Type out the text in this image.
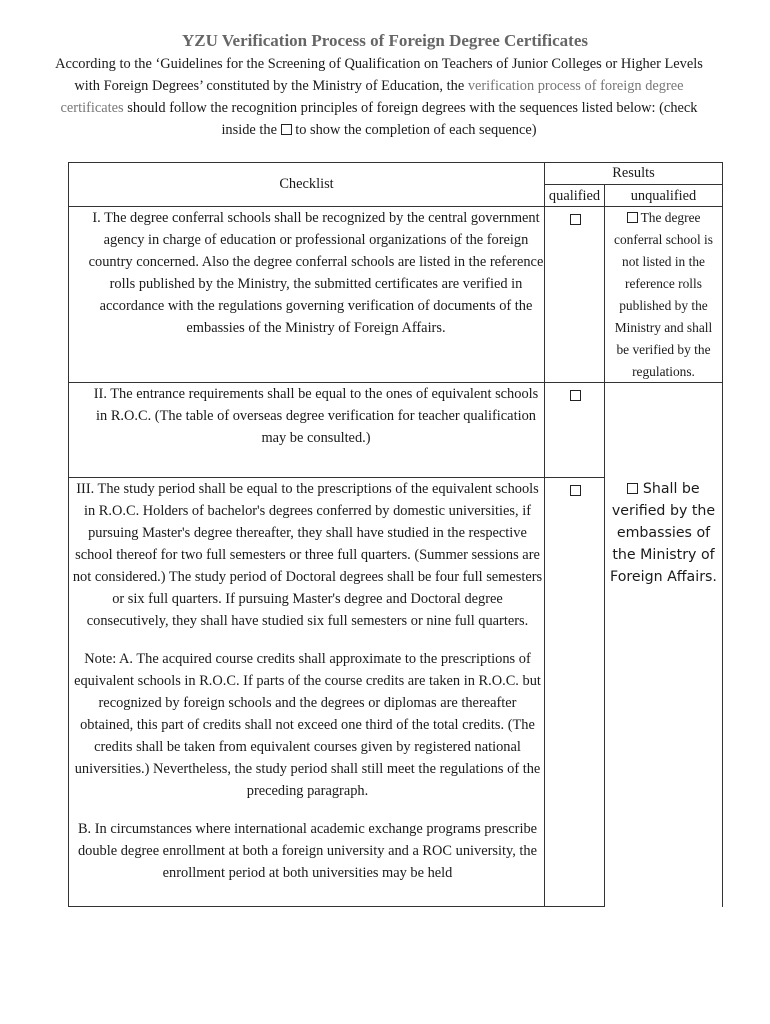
YZU Verification Process of Foreign Degree Certificates
According to the ‘Guidelines for the Screening of Qualification on Teachers of Junior Colleges or Higher Levels with Foreign Degrees’ constituted by the Ministry of Education, the verification process of foreign degree certificates should follow the recognition principles of foreign degrees with the sequences listed below: (check inside the  to show the completion of each sequence)
Checklist
Results
qualified	unqualified
I. The degree conferral schools shall be recognized by the central government agency in charge of education or professional organizations of the foreign country concerned. Also the degree conferral schools are listed in the reference rolls published by the Ministry, the submitted certificates are verified in accordance with the regulations governing verification of documents of the embassies of the Ministry of Foreign Affairs.
The degree conferral school is not listed in the reference rolls published by the Ministry and shall be verified by the regulations.
II. The entrance requirements shall be equal to the ones of equivalent schools in R.O.C. (The table of overseas degree verification for teacher qualification may be consulted.)
III. The study period shall be equal to the prescriptions of the equivalent schools in R.O.C. Holders of bachelor's degrees conferred by domestic universities, if pursuing Master's degree thereafter, they shall have studied in the respective school thereof for two full semesters or three full quarters. (Summer sessions are not considered.) The study period of Doctoral degrees shall be four full semesters or six full quarters. If pursuing Master's degree and Doctoral degree consecutively, they shall have studied six full semesters or nine full quarters.
Note: A. The acquired course credits shall approximate to the prescriptions of equivalent schools in R.O.C. If parts of the course credits are taken in R.O.C. but recognized by foreign schools and the degrees or diplomas are thereafter obtained, this part of credits shall not exceed one third of the total credits. (The credits shall be taken from equivalent courses given by registered national universities.) Nevertheless, the study period shall still meet the regulations of the preceding paragraph.
B. In circumstances where international academic exchange programs prescribe double degree enrollment at both a foreign university and a ROC university, the enrollment period at both universities may be held
Shall be verified by the embassies of the Ministry of Foreign Affairs.
